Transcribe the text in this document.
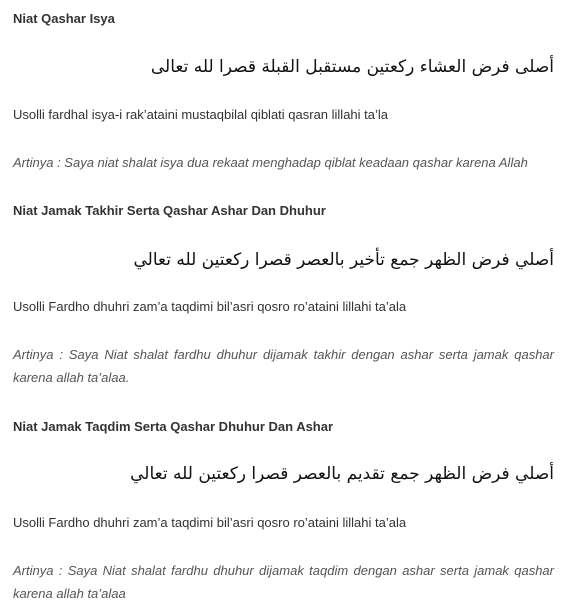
Niat Qashar Isya
أصلى فرض العشاء ركعتين مستقبل القبلة قصرا لله تعالى
Usolli fardhal isya-i rak’ataini mustaqbilal qiblati qasran lillahi ta’la
Artinya : Saya niat shalat isya dua rekaat menghadap qiblat keadaan qashar karena Allah
Niat Jamak Takhir Serta Qashar Ashar Dan Dhuhur
أصلي فرض الظهر جمع تأخير بالعصر قصرا ركعتين لله تعالي
Usolli Fardho dhuhri zam’a taqdimi bil’asri qosro ro’ataini lillahi ta’ala
Artinya : Saya Niat shalat fardhu dhuhur dijamak takhir dengan ashar serta jamak qashar karena allah ta’alaa.
Niat Jamak Taqdim Serta Qashar Dhuhur Dan Ashar
أصلي فرض الظهر جمع تقديم بالعصر قصرا ركعتين لله تعالي
Usolli Fardho dhuhri zam’a taqdimi bil’asri qosro ro’ataini lillahi ta’ala
Artinya : Saya Niat shalat fardhu dhuhur dijamak taqdim dengan ashar serta jamak qashar karena allah ta’alaa
